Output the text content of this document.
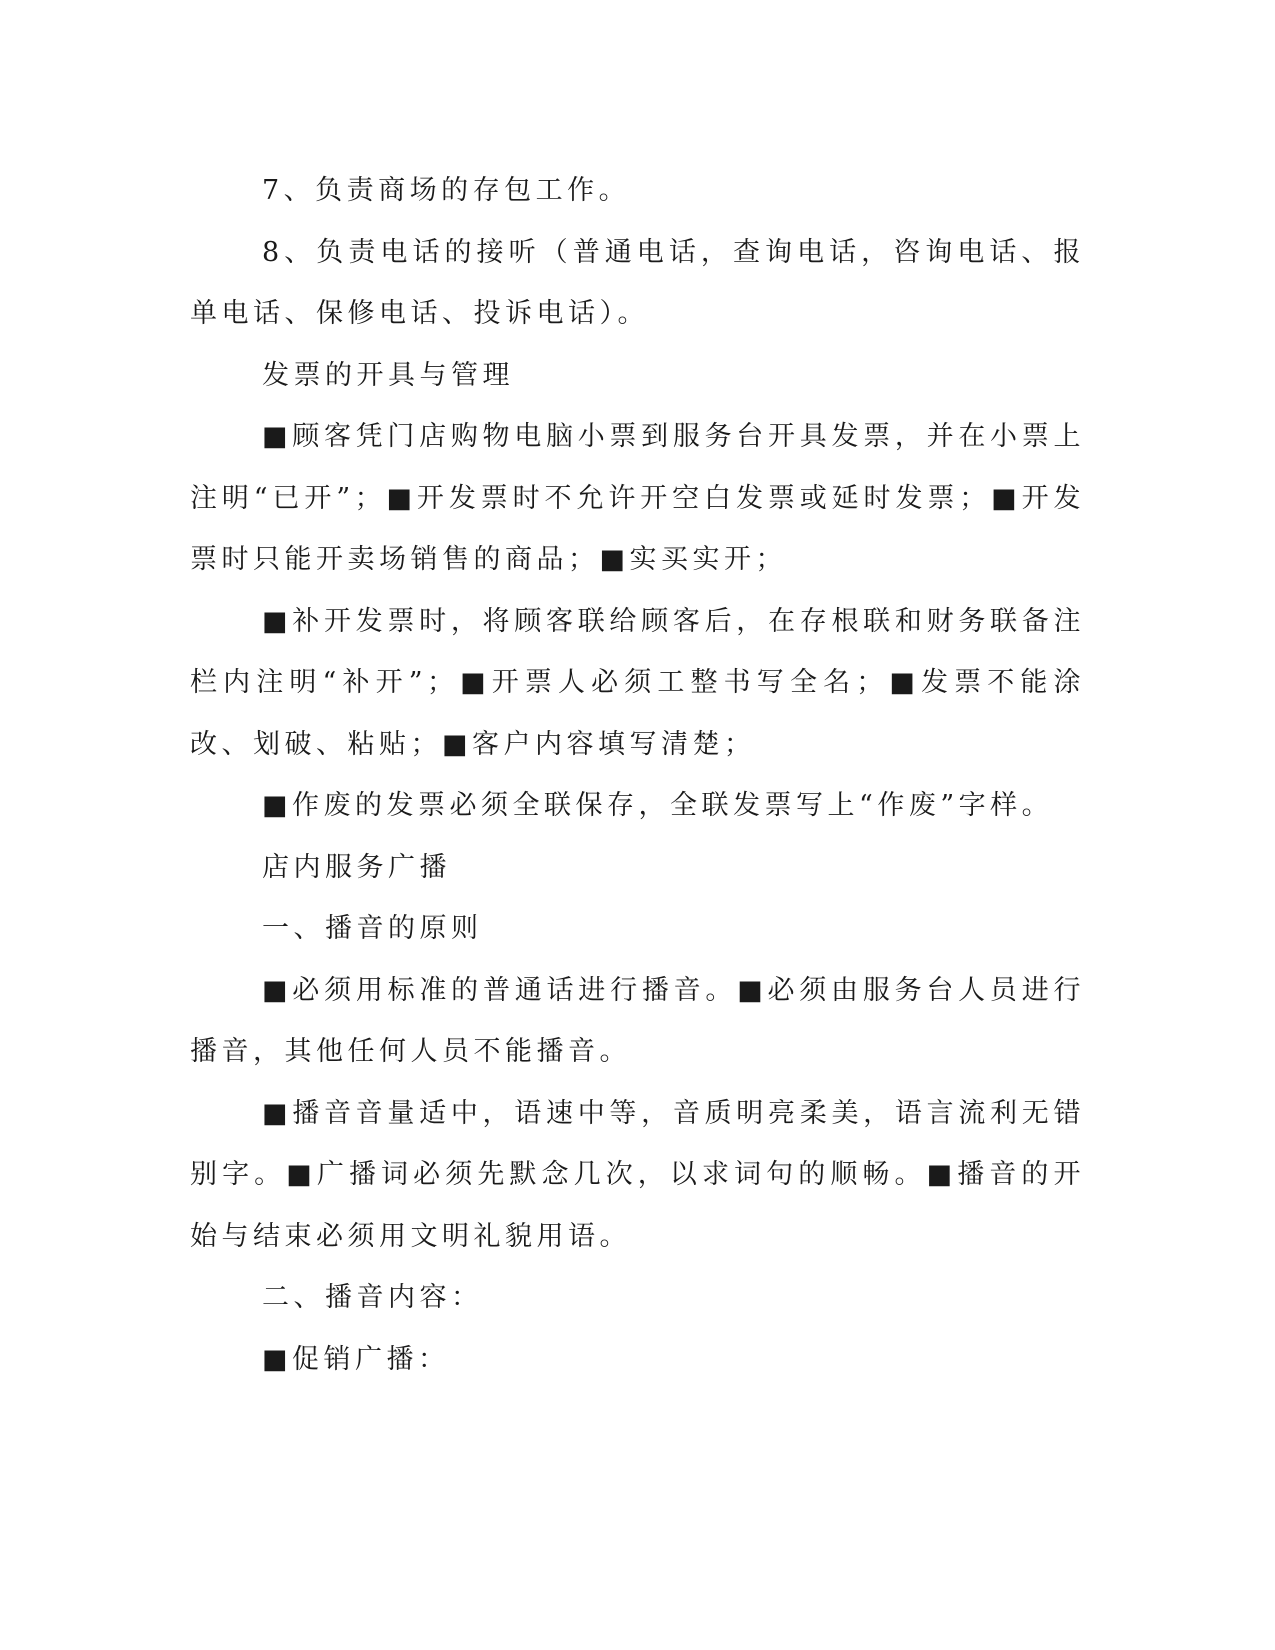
7、负责商场的存包工作。

8、负责电话的接听（普通电话，查询电话，咨询电话、报单电话、保修电话、投诉电话）。

发票的开具与管理

■顾客凭门店购物电脑小票到服务台开具发票，并在小票上注明“已开”；■开发票时不允许开空白发票或延时发票；■开发票时只能开卖场销售的商品；■实买实开；

■补开发票时，将顾客联给顾客后，在存根联和财务联备注栏内注明“补开”；■开票人必须工整书写全名；■发票不能涂改、划破、粘贴；■客户内容填写清楚；

■作废的发票必须全联保存，全联发票写上“作废”字样。

店内服务广播

一、播音的原则

■必须用标准的普通话进行播音。■必须由服务台人员进行播音，其他任何人员不能播音。

■播音音量适中，语速中等，音质明亮柔美，语言流利无错别字。■广播词必须先默念几次，以求词句的顺畅。■播音的开始与结束必须用文明礼貌用语。

二、播音内容：

■促销广播：
